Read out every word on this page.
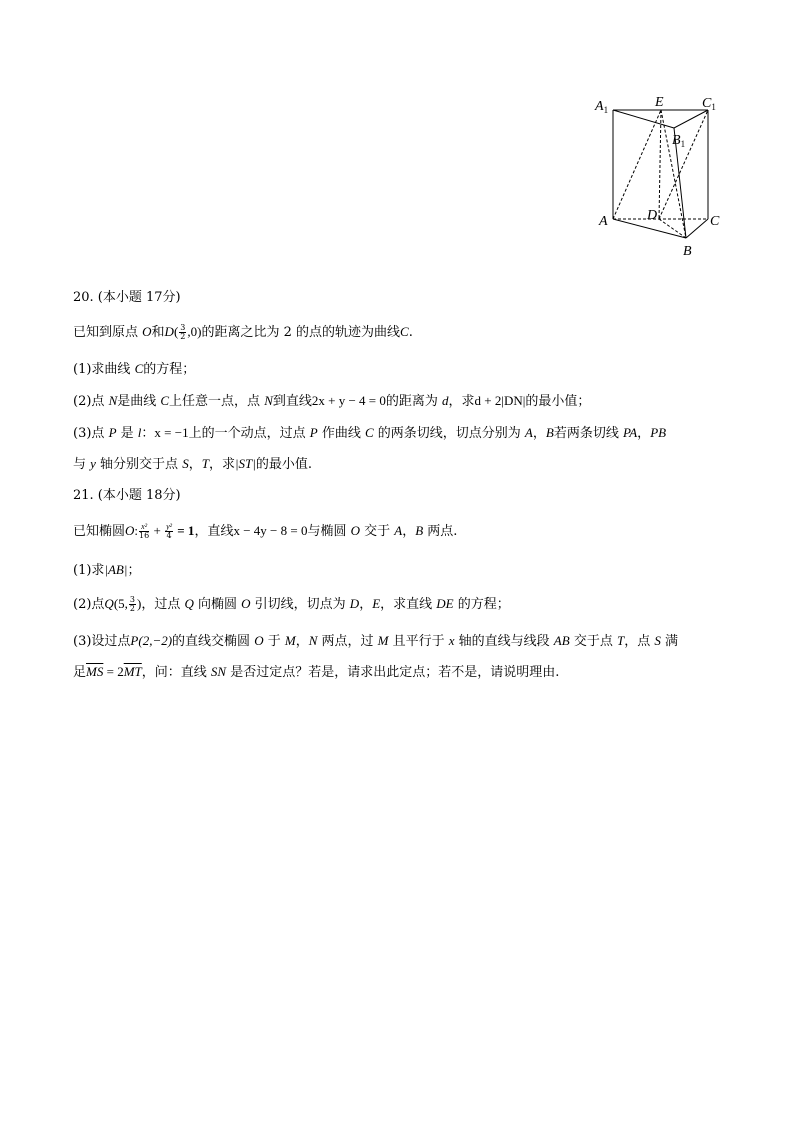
$A_1$	E	$C_1$
$B_1$
D
A	C
B
20. (本小题 17分)
已知到原点 O和$D( \frac{3}{2} ,0)$的距离之比为 2 的点的轨迹为曲线C.
(1)求曲线 C的方程；
(2)点 N是曲线 C上任意一点，点 N到直线2x + y − 4 = 0的距离为 d，求d + 2|DN|的最小值；
(3)点 P 是 l：x = −1上的一个动点，过点 P 作曲线 C 的两条切线，切点分别为 A，B若两条切线 PA，PB
与 y 轴分别交于点 S，T，求|ST|的最小值.
21. (本小题 18分)
已知椭圆O: $\frac{\text{x²}}{16} + \frac{\text{y²}}{4} = 1$，直线x − 4y − 8 = 0与椭圆 O 交于 A，B 两点.
(1)求|AB|；
(2)点Q(5, $\frac{3}{2}$ )，过点 Q 向椭圆 O 引切线，切点为 D，E，求直线 DE 的方程；
(3)设过点P(2,−2)的直线交椭圆 O 于 M，N 两点，过 M 且平行于 x 轴的直线与线段 AB 交于点 T，点 S 满
足$\overline{MS} = 2\overline{MT}$，问：直线 SN 是否过定点？若是，请求出此定点；若不是，请说明理由.
